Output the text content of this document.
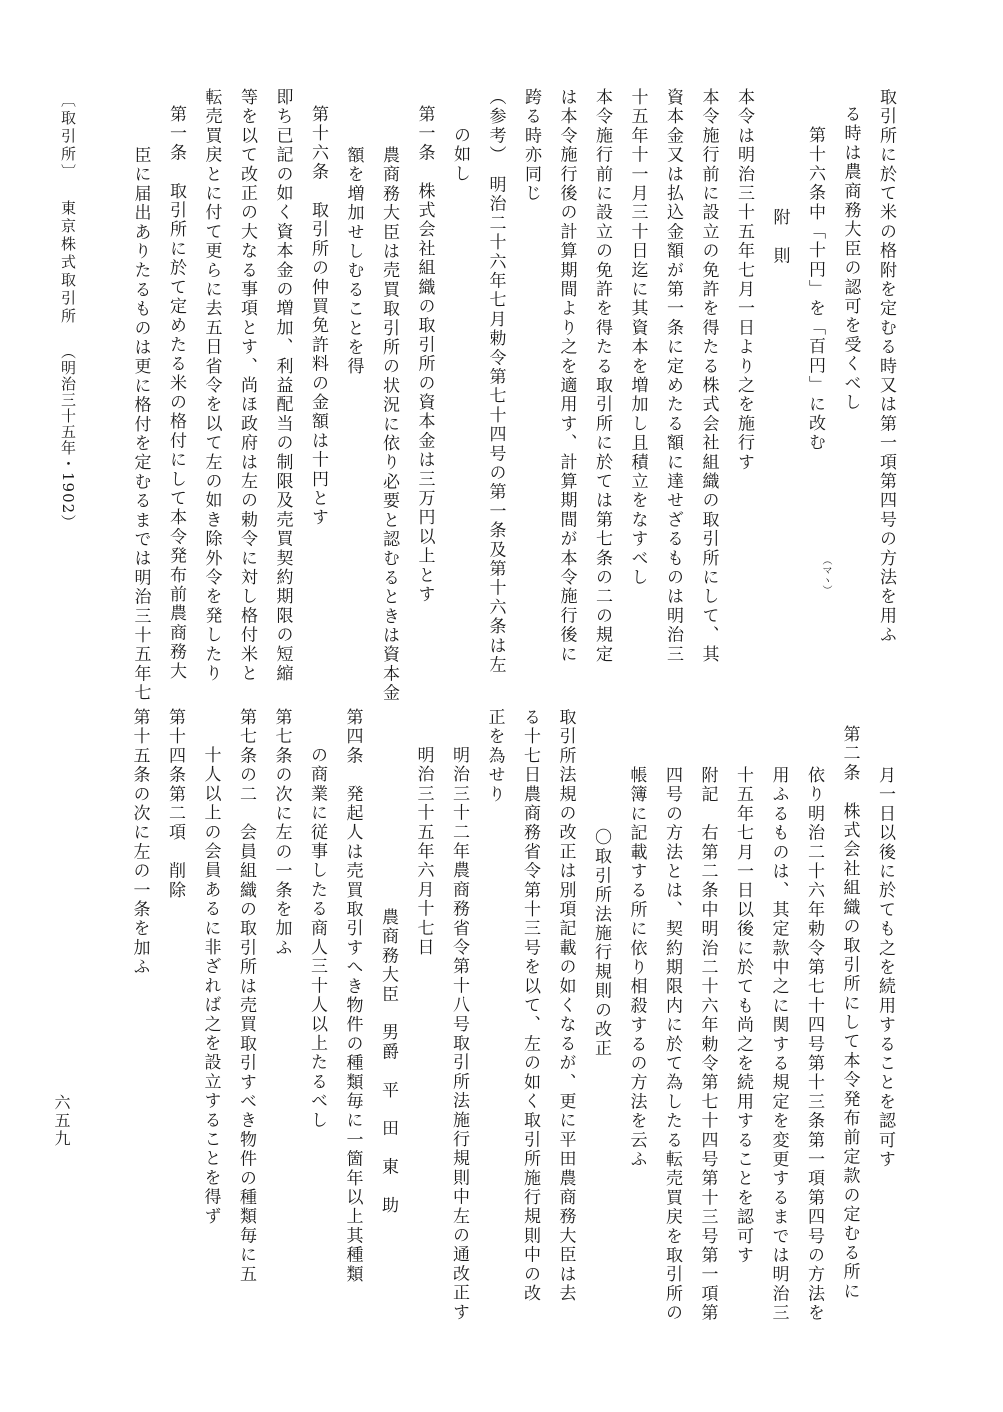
取引所に於て米の格附を定むる時又は第一項第四号の方法を用ふ
る時は農商務大臣の認可を受くべし
第十六条中「十円」を「百円」に改む
附　則
本令は明治三十五年七月一日より之を施行す
本令施行前に設立の免許を得たる株式会社組織の取引所にして、其
資本金又は払込金額が第一条に定めたる額に達せざるものは明治三
十五年十一月三十日迄に其資本を増加し且積立をなすべし
本令施行前に設立の免許を得たる取引所に於ては第七条の二の規定
は本令施行後の計算期間より之を適用す、計算期間が本令施行後に
跨る時亦同じ
（参考）　明治二十六年七月勅令第七十四号の第一条及第十六条は左
の如し
第一条　株式会社組織の取引所の資本金は三万円以上とす
農商務大臣は売買取引所の状況に依り必要と認むるときは資本金
額を増加せしむることを得
第十六条　取引所の仲買免許料の金額は十円とす
即ち已記の如く資本金の増加、利益配当の制限及売買契約期限の短縮
等を以て改正の大なる事項とす、尚ほ政府は左の勅令に対し格付米と
転売買戻とに付て更らに去五日省令を以て左の如き除外令を発したり
第一条　取引所に於て定めたる米の格付にして本令発布前農商務大
臣に届出ありたるものは更に格付を定むるまでは明治三十五年七	（マヽ）
月一日以後に於ても之を続用することを認可す
第二条　株式会社組織の取引所にして本令発布前定款の定むる所に
依り明治二十六年勅令第七十四号第十三条第一項第四号の方法を
用ふるものは、其定款中之に関する規定を変更するまでは明治三
十五年七月一日以後に於ても尚之を続用することを認可す
附記　右第二条中明治二十六年勅令第七十四号第十三号第一項第
四号の方法とは、契約期限内に於て為したる転売買戻を取引所の
帳簿に記載する所に依り相殺するの方法を云ふ
〇取引所法施行規則の改正
取引所法規の改正は別項記載の如くなるが、更に平田農商務大臣は去
る十七日農商務省令第十三号を以て、左の如く取引所施行規則中の改
正を為せり
明治三十二年農商務省令第十八号取引所法施行規則中左の通改正す
明治三十五年六月十七日
農商務大臣　男爵　平　田　東　助
第四条　発起人は売買取引すへき物件の種類毎に一箇年以上其種類
の商業に従事したる商人三十人以上たるべし
第七条の次に左の一条を加ふ
第七条の二　会員組織の取引所は売買取引すべき物件の種類毎に五
十人以上の会員あるに非ざれば之を設立することを得ず
第十四条第二項　削除
第十五条の次に左の一条を加ふ
〔取引所〕東京株式取引所（明治三十五年・1902）
六五九
